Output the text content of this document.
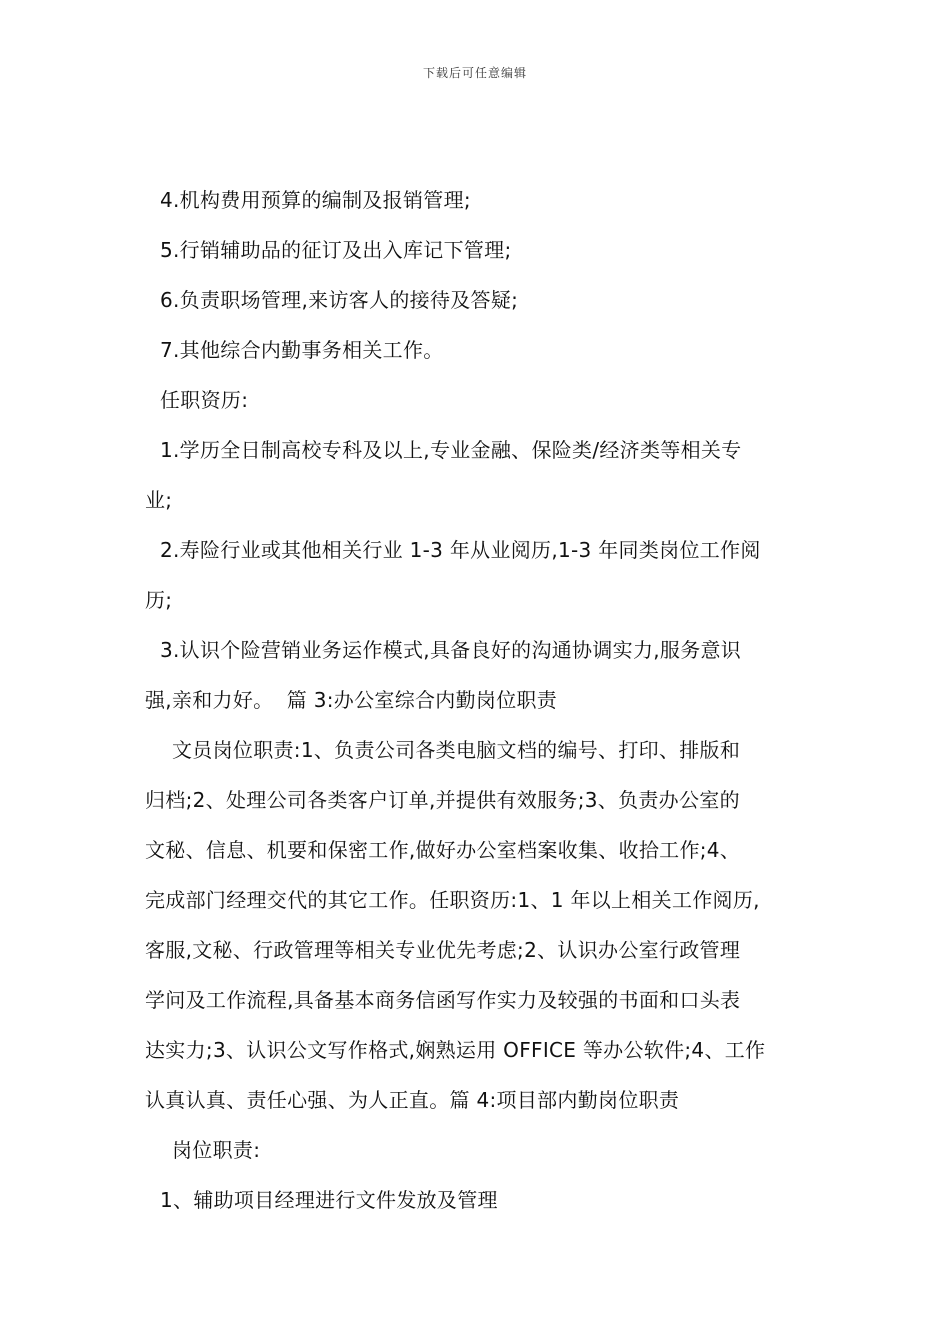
下载后可任意编辑

4.机构费用预算的编制及报销管理;

5.行销辅助品的征订及出入库记下管理;

6.负责职场管理,来访客人的接待及答疑;

7.其他综合内勤事务相关工作。

任职资历:

1.学历全日制高校专科及以上,专业金融、保险类/经济类等相关专

业;

2.寿险行业或其他相关行业 1-3 年从业阅历,1-3 年同类岗位工作阅

历;

3.认识个险营销业务运作模式,具备良好的沟通协调实力,服务意识

强,亲和力好。  篇 3:办公室综合内勤岗位职责

文员岗位职责:1、负责公司各类电脑文档的编号、打印、排版和

归档;2、处理公司各类客户订单,并提供有效服务;3、负责办公室的

文秘、信息、机要和保密工作,做好办公室档案收集、收拾工作;4、

完成部门经理交代的其它工作。任职资历:1、1 年以上相关工作阅历,

客服,文秘、行政管理等相关专业优先考虑;2、认识办公室行政管理

学问及工作流程,具备基本商务信函写作实力及较强的书面和口头表

达实力;3、认识公文写作格式,娴熟运用 OFFICE 等办公软件;4、工作

认真认真、责任心强、为人正直。篇 4:项目部内勤岗位职责

岗位职责:

1、辅助项目经理进行文件发放及管理
